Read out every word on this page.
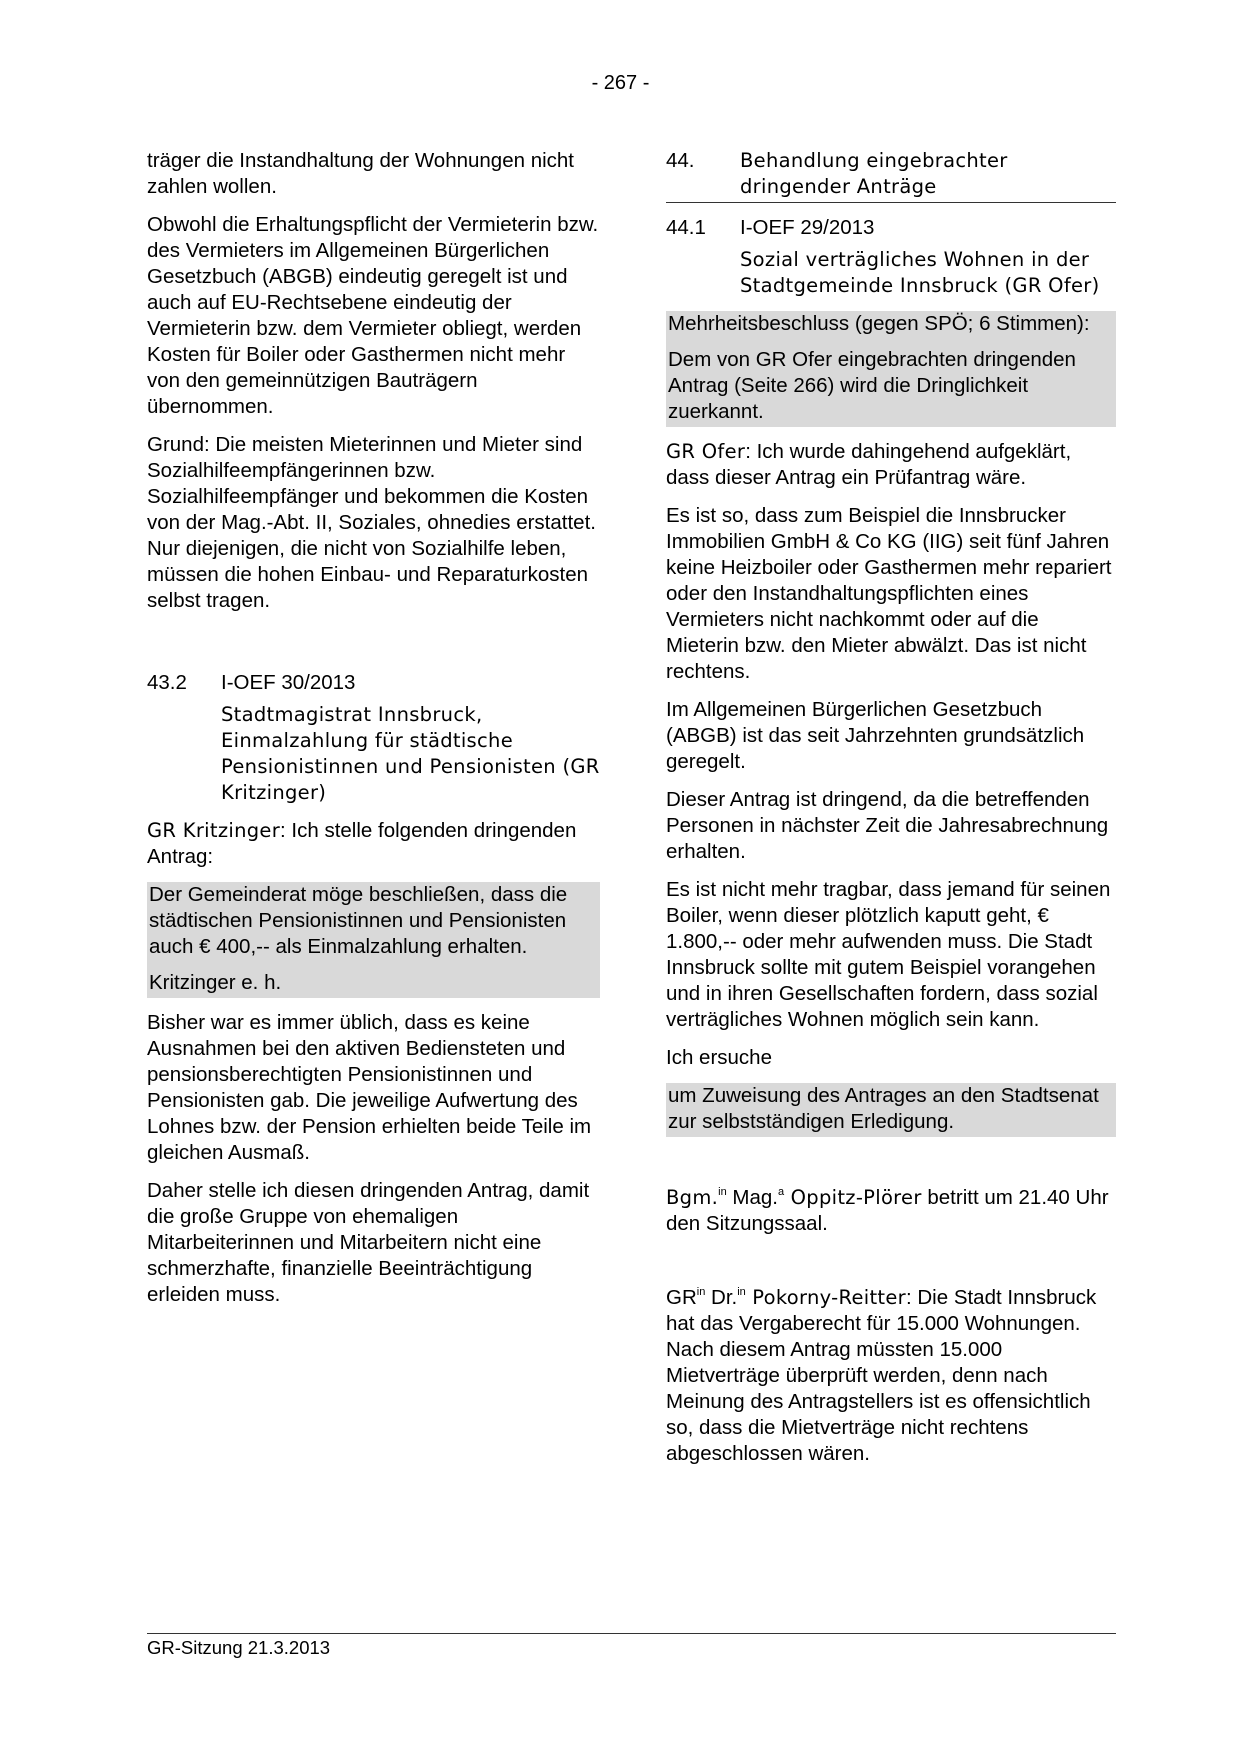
- 267 -

träger die Instandhaltung der Wohnungen nicht zahlen wollen.

Obwohl die Erhaltungspflicht der Vermieterin bzw. des Vermieters im Allgemeinen Bürgerlichen Gesetzbuch (ABGB) eindeutig geregelt ist und auch auf EU-Rechtsebene eindeutig der Vermieterin bzw. dem Vermieter obliegt, werden Kosten für Boiler oder Gasthermen nicht mehr von den gemeinnützigen Bauträgern übernommen.

Grund: Die meisten Mieterinnen und Mieter sind Sozialhilfeempfängerinnen bzw. Sozialhilfeempfänger und bekommen die Kosten von der Mag.-Abt. II, Soziales, ohnedies erstattet. Nur diejenigen, die nicht von Sozialhilfe leben, müssen die hohen Einbau- und Reparaturkosten selbst tragen.

43.2	I-OEF 30/2013

Stadtmagistrat Innsbruck, Einmalzahlung für städtische Pensionistinnen und Pensionisten (GR Kritzinger)

GR Kritzinger: Ich stelle folgenden dringenden Antrag:

Der Gemeinderat möge beschließen, dass die städtischen Pensionistinnen und Pensionisten auch € 400,-- als Einmalzahlung erhalten.

Kritzinger e. h.

Bisher war es immer üblich, dass es keine Ausnahmen bei den aktiven Bediensteten und pensionsberechtigten Pensionistinnen und Pensionisten gab. Die jeweilige Aufwertung des Lohnes bzw. der Pension erhielten beide Teile im gleichen Ausmaß.

Daher stelle ich diesen dringenden Antrag, damit die große Gruppe von ehemaligen Mitarbeiterinnen und Mitarbeitern nicht eine schmerzhafte, finanzielle Beeinträchtigung erleiden muss.

44.	Behandlung eingebrachter dringender Anträge
44.1	I-OEF 29/2013

Sozial verträgliches Wohnen in der Stadtgemeinde Innsbruck (GR Ofer)

Mehrheitsbeschluss (gegen SPÖ; 6 Stimmen):

Dem von GR Ofer eingebrachten dringenden Antrag (Seite 266) wird die Dringlichkeit zuerkannt.

GR Ofer: Ich wurde dahingehend aufgeklärt, dass dieser Antrag ein Prüfantrag wäre.

Es ist so, dass zum Beispiel die Innsbrucker Immobilien GmbH & Co KG (IIG) seit fünf Jahren keine Heizboiler oder Gasthermen mehr repariert oder den Instandhaltungspflichten eines Vermieters nicht nachkommt oder auf die Mieterin bzw. den Mieter abwälzt. Das ist nicht rechtens.

Im Allgemeinen Bürgerlichen Gesetzbuch (ABGB) ist das seit Jahrzehnten grundsätzlich geregelt.

Dieser Antrag ist dringend, da die betreffenden Personen in nächster Zeit die Jahresabrechnung erhalten.

Es ist nicht mehr tragbar, dass jemand für seinen Boiler, wenn dieser plötzlich kaputt geht, € 1.800,-- oder mehr aufwenden muss. Die Stadt Innsbruck sollte mit gutem Beispiel vorangehen und in ihren Gesellschaften fordern, dass sozial verträgliches Wohnen möglich sein kann.

Ich ersuche

um Zuweisung des Antrages an den Stadtsenat zur selbstständigen Erledigung.

Bgm.$^{in}$ Mag.$^a$ Oppitz-Plörer betritt um 21.40 Uhr den Sitzungssaal.

$GR^{in}$ Dr.$^{in}$ Pokorny-Reitter: Die Stadt Innsbruck hat das Vergaberecht für 15.000 Wohnungen. Nach diesem Antrag müssten 15.000 Mietverträge überprüft werden, denn nach Meinung des Antragstellers ist es offensichtlich so, dass die Mietverträge nicht rechtens abgeschlossen wären.

GR-Sitzung 21.3.2013
